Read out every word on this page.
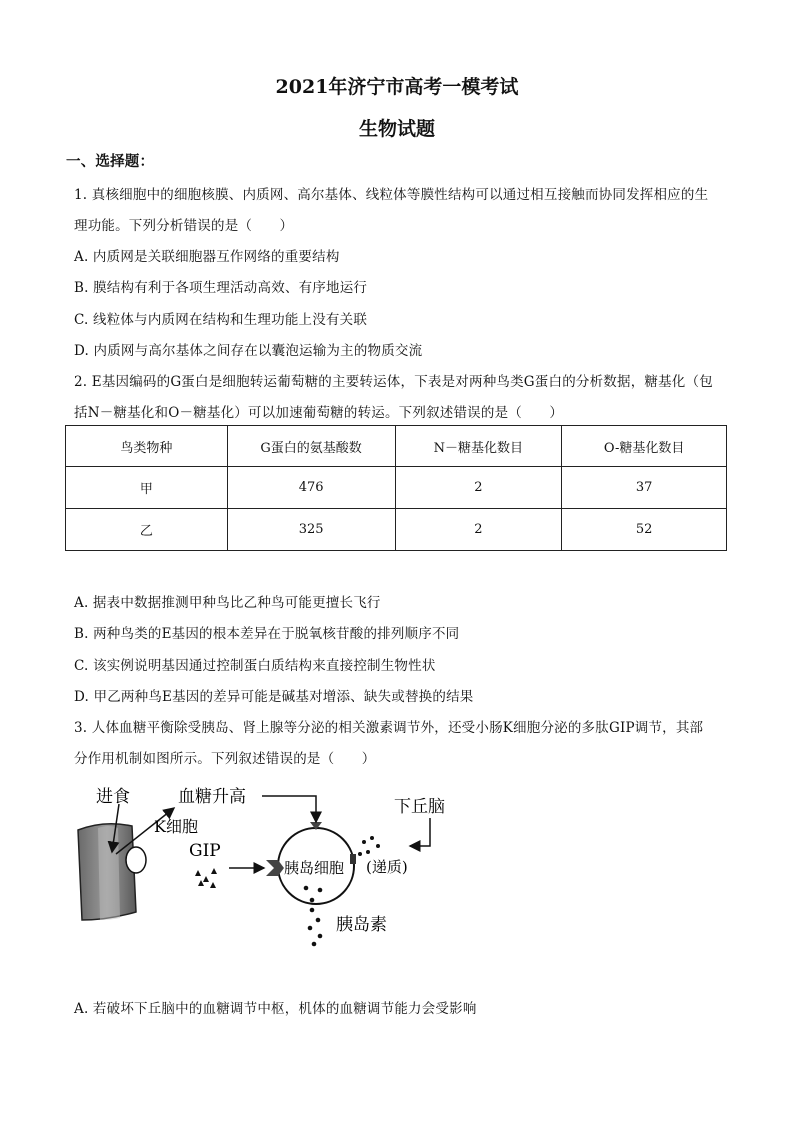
2021年济宁市高考一模考试
生物试题
一、选择题：
1. 真核细胞中的细胞核膜、内质网、高尔基体、线粒体等膜性结构可以通过相互接触而协同发挥相应的生
理功能。下列分析错误的是（　　）
A. 内质网是关联细胞器互作网络的重要结构
B. 膜结构有利于各项生理活动高效、有序地运行
C. 线粒体与内质网在结构和生理功能上没有关联
D. 内质网与高尔基体之间存在以囊泡运输为主的物质交流
2. E基因编码的G蛋白是细胞转运葡萄糖的主要转运体，下表是对两种鸟类G蛋白的分析数据，糖基化（包
括N－糖基化和O－糖基化）可以加速葡萄糖的转运。下列叙述错误的是（　　）
鸟类物种	G蛋白的氨基酸数	N－糖基化数目	O-糖基化数目
甲	476	2	37
乙	325	2	52
A. 据表中数据推测甲种鸟比乙种鸟可能更擅长飞行
B. 两种鸟类的E基因的根本差异在于脱氧核苷酸的排列顺序不同
C. 该实例说明基因通过控制蛋白质结构来直接控制生物性状
D. 甲乙两种鸟E基因的差异可能是碱基对增添、缺失或替换的结果
3. 人体血糖平衡除受胰岛、肾上腺等分泌的相关激素调节外，还受小肠K细胞分泌的多肽GIP调节，其部
分作用机制如图所示。下列叙述错误的是（　　）
进食	血糖升高
K细胞
GIP
胰岛细胞
下丘脑
(递质)
胰岛素
A. 若破坏下丘脑中的血糖调节中枢，机体的血糖调节能力会受影响
